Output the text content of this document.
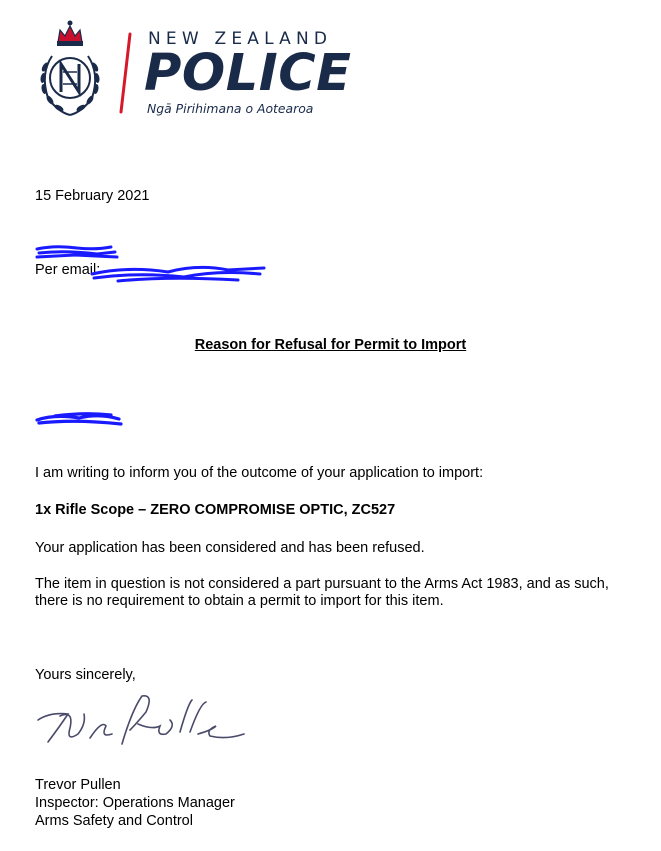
NEW ZEALAND
POLICE
Ngā Pirihimana o Aotearoa
15 February 2021
Per email:
Reason for Refusal for Permit to Import
I am writing to inform you of the outcome of your application to import:
1x Rifle Scope – ZERO COMPROMISE OPTIC, ZC527
Your application has been considered and has been refused.
The item in question is not considered a part pursuant to the Arms Act 1983, and as such, there is no requirement to obtain a permit to import for this item.
Yours sincerely,
Trevor Pullen
Inspector: Operations Manager
Arms Safety and Control
